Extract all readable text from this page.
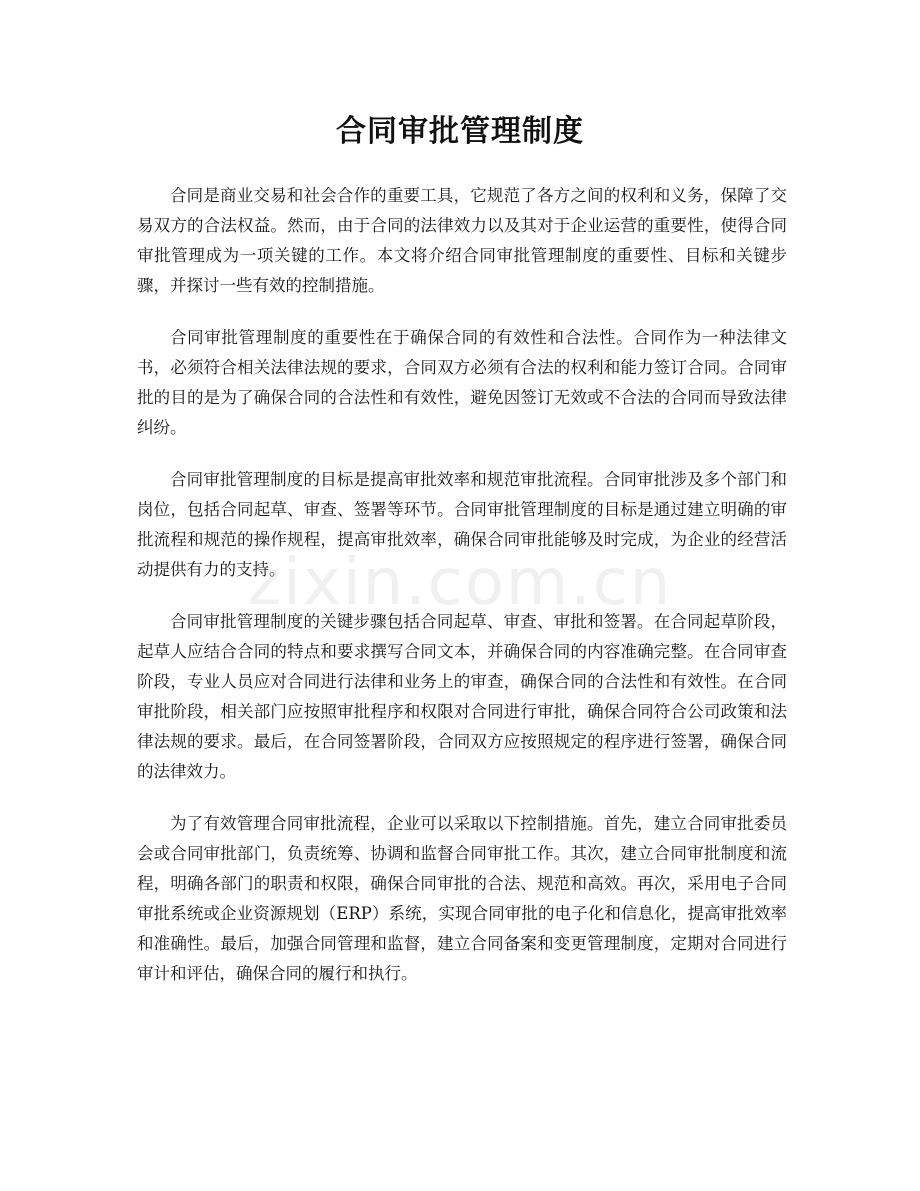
合同审批管理制度

合同是商业交易和社会合作的重要工具，它规范了各方之间的权利和义务，保障了交易双方的合法权益。然而，由于合同的法律效力以及其对于企业运营的重要性，使得合同审批管理成为一项关键的工作。本文将介绍合同审批管理制度的重要性、目标和关键步骤，并探讨一些有效的控制措施。

合同审批管理制度的重要性在于确保合同的有效性和合法性。合同作为一种法律文书，必须符合相关法律法规的要求，合同双方必须有合法的权利和能力签订合同。合同审批的目的是为了确保合同的合法性和有效性，避免因签订无效或不合法的合同而导致法律纠纷。

合同审批管理制度的目标是提高审批效率和规范审批流程。合同审批涉及多个部门和岗位，包括合同起草、审查、签署等环节。合同审批管理制度的目标是通过建立明确的审批流程和规范的操作规程，提高审批效率，确保合同审批能够及时完成，为企业的经营活动提供有力的支持。

合同审批管理制度的关键步骤包括合同起草、审查、审批和签署。在合同起草阶段，起草人应结合合同的特点和要求撰写合同文本，并确保合同的内容准确完整。在合同审查阶段，专业人员应对合同进行法律和业务上的审查，确保合同的合法性和有效性。在合同审批阶段，相关部门应按照审批程序和权限对合同进行审批，确保合同符合公司政策和法律法规的要求。最后，在合同签署阶段，合同双方应按照规定的程序进行签署，确保合同的法律效力。

为了有效管理合同审批流程，企业可以采取以下控制措施。首先，建立合同审批委员会或合同审批部门，负责统筹、协调和监督合同审批工作。其次，建立合同审批制度和流程，明确各部门的职责和权限，确保合同审批的合法、规范和高效。再次，采用电子合同审批系统或企业资源规划（ERP）系统，实现合同审批的电子化和信息化，提高审批效率和准确性。最后，加强合同管理和监督，建立合同备案和变更管理制度，定期对合同进行审计和评估，确保合同的履行和执行。

zixin.com.cn
